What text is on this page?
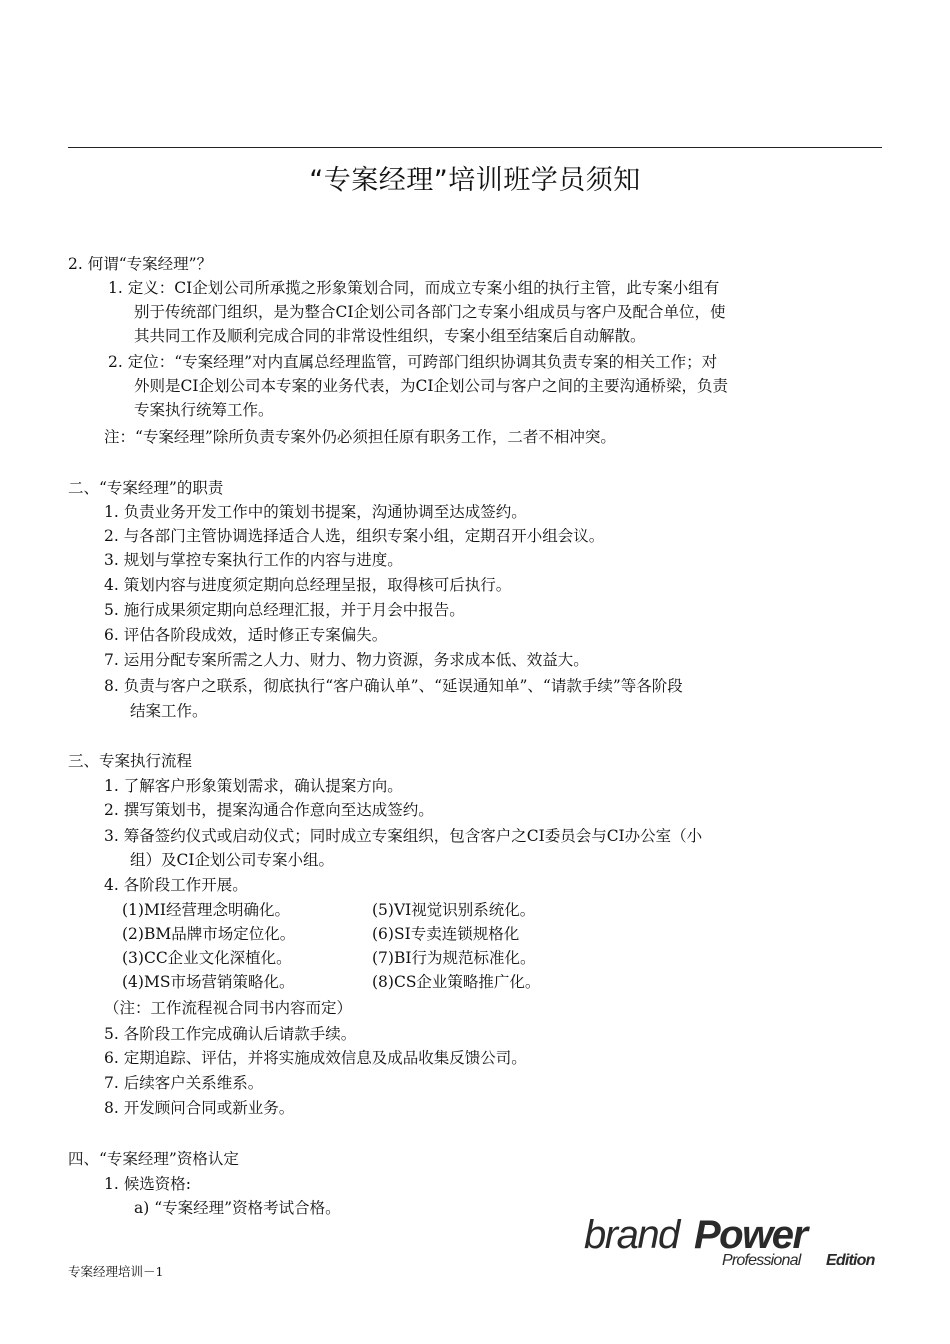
“专案经理”培训班学员须知
2. 何谓“专案经理”？
1. 定义：CI企划公司所承揽之形象策划合同，而成立专案小组的执行主管，此专案小组有
别于传统部门组织，是为整合CI企划公司各部门之专案小组成员与客户及配合单位，使
其共同工作及顺利完成合同的非常设性组织，专案小组至结案后自动解散。
2. 定位：“专案经理”对内直属总经理监管，可跨部门组织协调其负责专案的相关工作；对
外则是CI企划公司本专案的业务代表，为CI企划公司与客户之间的主要沟通桥梁，负责
专案执行统筹工作。
注：“专案经理”除所负责专案外仍必须担任原有职务工作，二者不相冲突。
二、“专案经理”的职责
1. 负责业务开发工作中的策划书提案，沟通协调至达成签约。
2. 与各部门主管协调选择适合人选，组织专案小组，定期召开小组会议。
3. 规划与掌控专案执行工作的内容与进度。
4. 策划内容与进度须定期向总经理呈报，取得核可后执行。
5. 施行成果须定期向总经理汇报，并于月会中报告。
6. 评估各阶段成效，适时修正专案偏失。
7. 运用分配专案所需之人力、财力、物力资源，务求成本低、效益大。
8. 负责与客户之联系，彻底执行“客户确认单”、“延误通知单”、“请款手续”等各阶段
结案工作。
三、专案执行流程
1. 了解客户形象策划需求，确认提案方向。
2. 撰写策划书，提案沟通合作意向至达成签约。
3. 筹备签约仪式或启动仪式；同时成立专案组织，包含客户之CI委员会与CI办公室（小
组）及CI企划公司专案小组。
4. 各阶段工作开展。
（注：工作流程视合同书内容而定）
5. 各阶段工作完成确认后请款手续。
6. 定期追踪、评估，并将实施成效信息及成品收集反馈公司。
7. 后续客户关系维系。
8. 开发顾问合同或新业务。
四、“专案经理”资格认定
1. 候选资格:
a) “专案经理”资格考试合格。
(1)MI经营理念明确化。	(5)VI视觉识别系统化。
(2)BM品牌市场定位化。	(6)SI专卖连锁规格化
(3)CC企业文化深植化。	(7)BI行为规范标准化。
(4)MS市场营销策略化。	(8)CS企业策略推广化。
brand Power
Professional Edition
专案经理培训－1
